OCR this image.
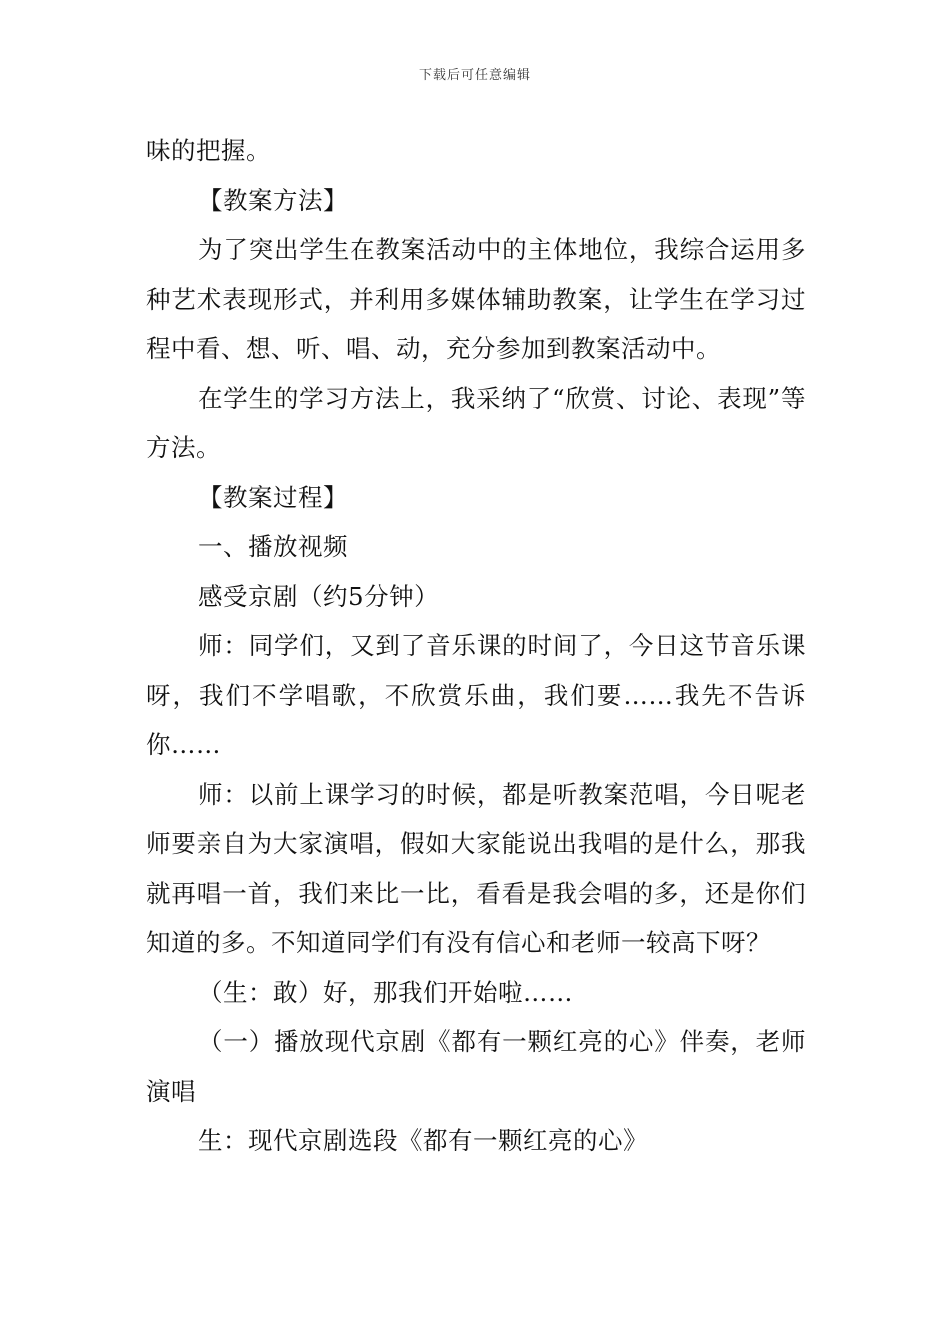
下载后可任意编辑

味的把握。

【教案方法】

为了突出学生在教案活动中的主体地位，我综合运用多种艺术表现形式，并利用多媒体辅助教案，让学生在学习过程中看、想、听、唱、动，充分参加到教案活动中。

在学生的学习方法上，我采纳了“欣赏、讨论、表现”等方法。

【教案过程】

一、播放视频

感受京剧（约5分钟）

师：同学们，又到了音乐课的时间了，今日这节音乐课呀，我们不学唱歌，不欣赏乐曲，我们要……我先不告诉你……

师：以前上课学习的时候，都是听教案范唱，今日呢老师要亲自为大家演唱，假如大家能说出我唱的是什么，那我就再唱一首，我们来比一比，看看是我会唱的多，还是你们知道的多。不知道同学们有没有信心和老师一较高下呀？

（生：敢）好，那我们开始啦……

（一）播放现代京剧《都有一颗红亮的心》伴奏，老师演唱

生：现代京剧选段《都有一颗红亮的心》
